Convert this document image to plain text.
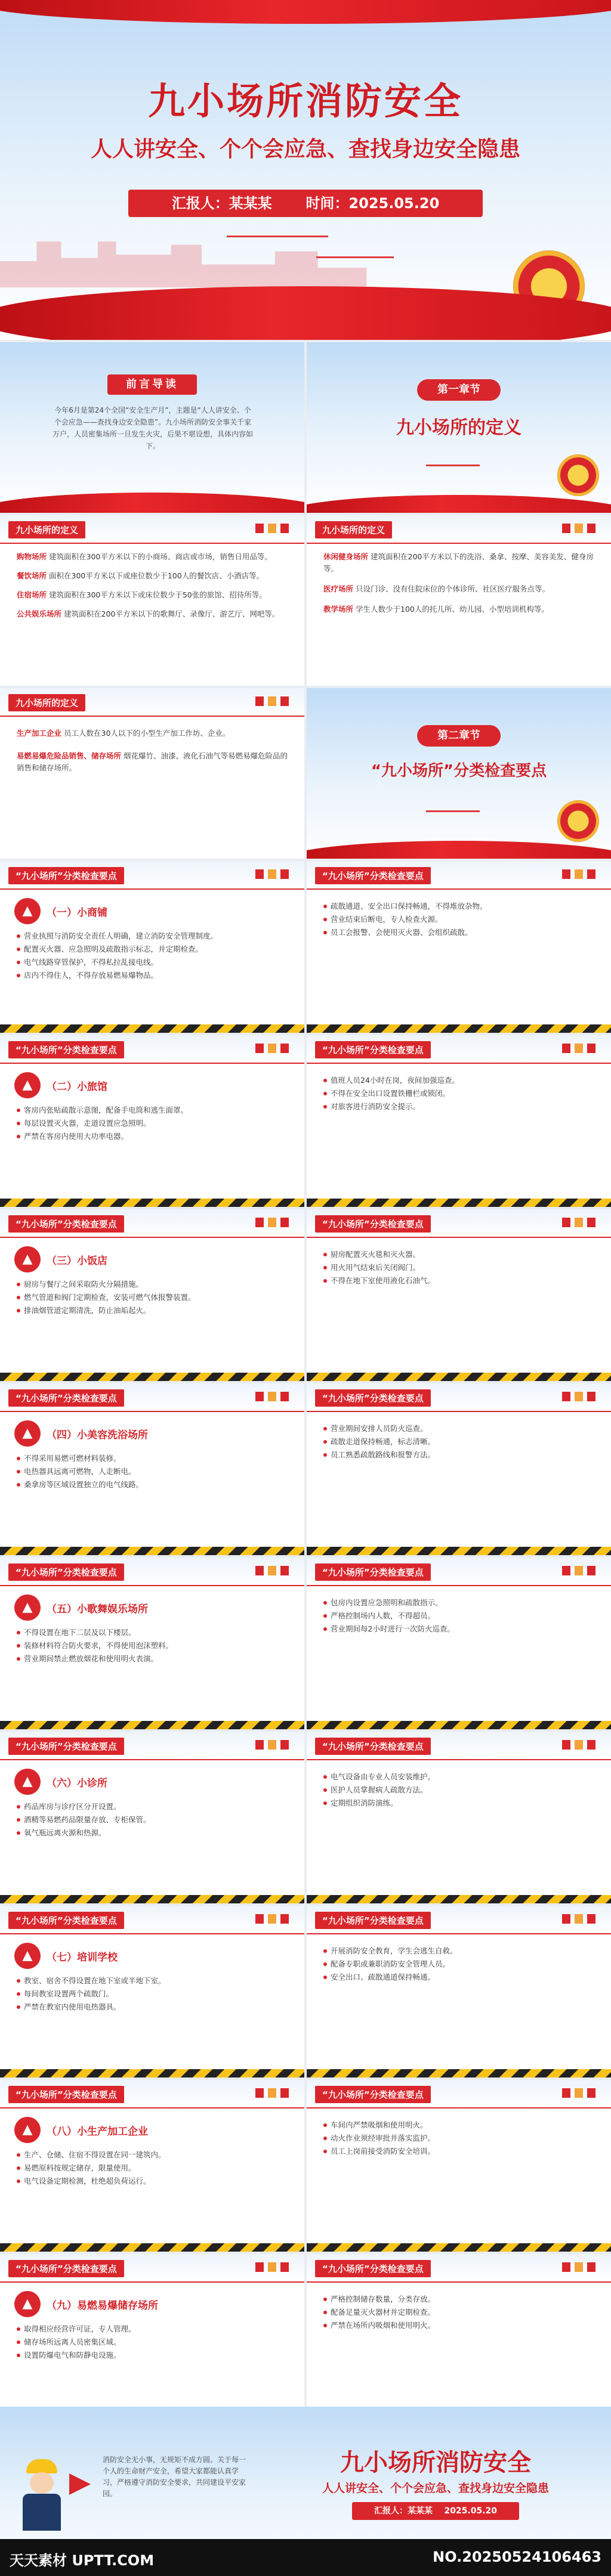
九小场所消防安全
人人讲安全、个个会应急、查找身边安全隐患
汇报人：某某某 时间：2025.05.20
前言导读
今年6月是第24个全国“安全生产月”，主题是“人人讲安全、个个会应急——查找身边安全隐患”。九小场所消防安全事关千家万户，人员密集场所一旦发生火灾，后果不堪设想，具体内容如下。
第一章节
九小场所的定义
九小场所的定义
购物场所 建筑面积在300平方米以下的小商场、商店或市场，销售日用品等。
餐饮场所 面积在300平方米以下或座位数少于100人的餐饮店、小酒店等。
住宿场所 建筑面积在300平方米以下或床位数少于50张的旅馆、招待所等。
公共娱乐场所 建筑面积在200平方米以下的歌舞厅、录像厅、游艺厅、网吧等。
九小场所的定义
休闲健身场所 建筑面积在200平方米以下的洗浴、桑拿、按摩、美容美发、健身房等。
医疗场所 只设门诊、没有住院床位的个体诊所、社区医疗服务点等。
教学场所 学生人数少于100人的托儿所、幼儿园、小型培训机构等。
九小场所的定义
生产加工企业 员工人数在30人以下的小型生产加工作坊、企业。
易燃易爆危险品销售、储存场所 烟花爆竹、油漆、液化石油气等易燃易爆危险品的销售和储存场所。
第二章节
“九小场所”分类检查要点
“九小场所”分类检查要点
▲	（一）小商铺
营业执照与消防安全责任人明确，建立消防安全管理制度。
配置灭火器、应急照明及疏散指示标志，并定期检查。
电气线路穿管保护，不得私拉乱接电线。
店内不得住人，不得存放易燃易爆物品。
“九小场所”分类检查要点
疏散通道、安全出口保持畅通，不得堆放杂物。
营业结束后断电，专人检查火源。
员工会报警、会使用灭火器、会组织疏散。
“九小场所”分类检查要点
▲	（二）小旅馆
客房内张贴疏散示意图，配备手电筒和逃生面罩。
每层设置灭火器，走道设置应急照明。
严禁在客房内使用大功率电器。
“九小场所”分类检查要点
值班人员24小时在岗，夜间加强巡查。
不得在安全出口设置铁栅栏或锁闭。
对旅客进行消防安全提示。
“九小场所”分类检查要点
▲	（三）小饭店
厨房与餐厅之间采取防火分隔措施。
燃气管道和阀门定期检查，安装可燃气体报警装置。
排油烟管道定期清洗，防止油垢起火。
“九小场所”分类检查要点
厨房配置灭火毯和灭火器。
用火用气结束后关闭阀门。
不得在地下室使用液化石油气。
“九小场所”分类检查要点
▲	（四）小美容洗浴场所
不得采用易燃可燃材料装修。
电热器具远离可燃物，人走断电。
桑拿房等区域设置独立的电气线路。
“九小场所”分类检查要点
营业期间安排人员防火巡查。
疏散走道保持畅通，标志清晰。
员工熟悉疏散路线和报警方法。
“九小场所”分类检查要点
▲	（五）小歌舞娱乐场所
不得设置在地下二层及以下楼层。
装修材料符合防火要求，不得使用泡沫塑料。
营业期间禁止燃放烟花和使用明火表演。
“九小场所”分类检查要点
包房内设置应急照明和疏散指示。
严格控制场内人数，不得超员。
营业期间每2小时进行一次防火巡查。
“九小场所”分类检查要点
▲	（六）小诊所
药品库房与诊疗区分开设置。
酒精等易燃药品限量存放、专柜保管。
氧气瓶远离火源和热源。
“九小场所”分类检查要点
电气设备由专业人员安装维护。
医护人员掌握病人疏散方法。
定期组织消防演练。
“九小场所”分类检查要点
▲	（七）培训学校
教室、宿舍不得设置在地下室或半地下室。
每间教室设置两个疏散门。
严禁在教室内使用电热器具。
“九小场所”分类检查要点
开展消防安全教育，学生会逃生自救。
配备专职或兼职消防安全管理人员。
安全出口、疏散通道保持畅通。
“九小场所”分类检查要点
▲	（八）小生产加工企业
生产、仓储、住宿不得设置在同一建筑内。
易燃原料按规定储存，限量使用。
电气设备定期检测，杜绝超负荷运行。
“九小场所”分类检查要点
车间内严禁吸烟和使用明火。
动火作业须经审批并落实监护。
员工上岗前接受消防安全培训。
“九小场所”分类检查要点
▲	（九）易燃易爆储存场所
取得相应经营许可证，专人管理。
储存场所远离人员密集区域。
设置防爆电气和防静电设施。
“九小场所”分类检查要点
严格控制储存数量，分类存放。
配备足量灭火器材并定期检查。
严禁在场所内吸烟和使用明火。
消防安全无小事，无规矩不成方圆。关于每一个人的生命财产安全，希望大家都能认真学习，严格遵守消防安全要求，共同建设平安家园。
九小场所消防安全
人人讲安全、个个会应急、查找身边安全隐患
汇报人：某某某 2025.05.20
天天素材 UPTT.COM	NO.20250524106463
